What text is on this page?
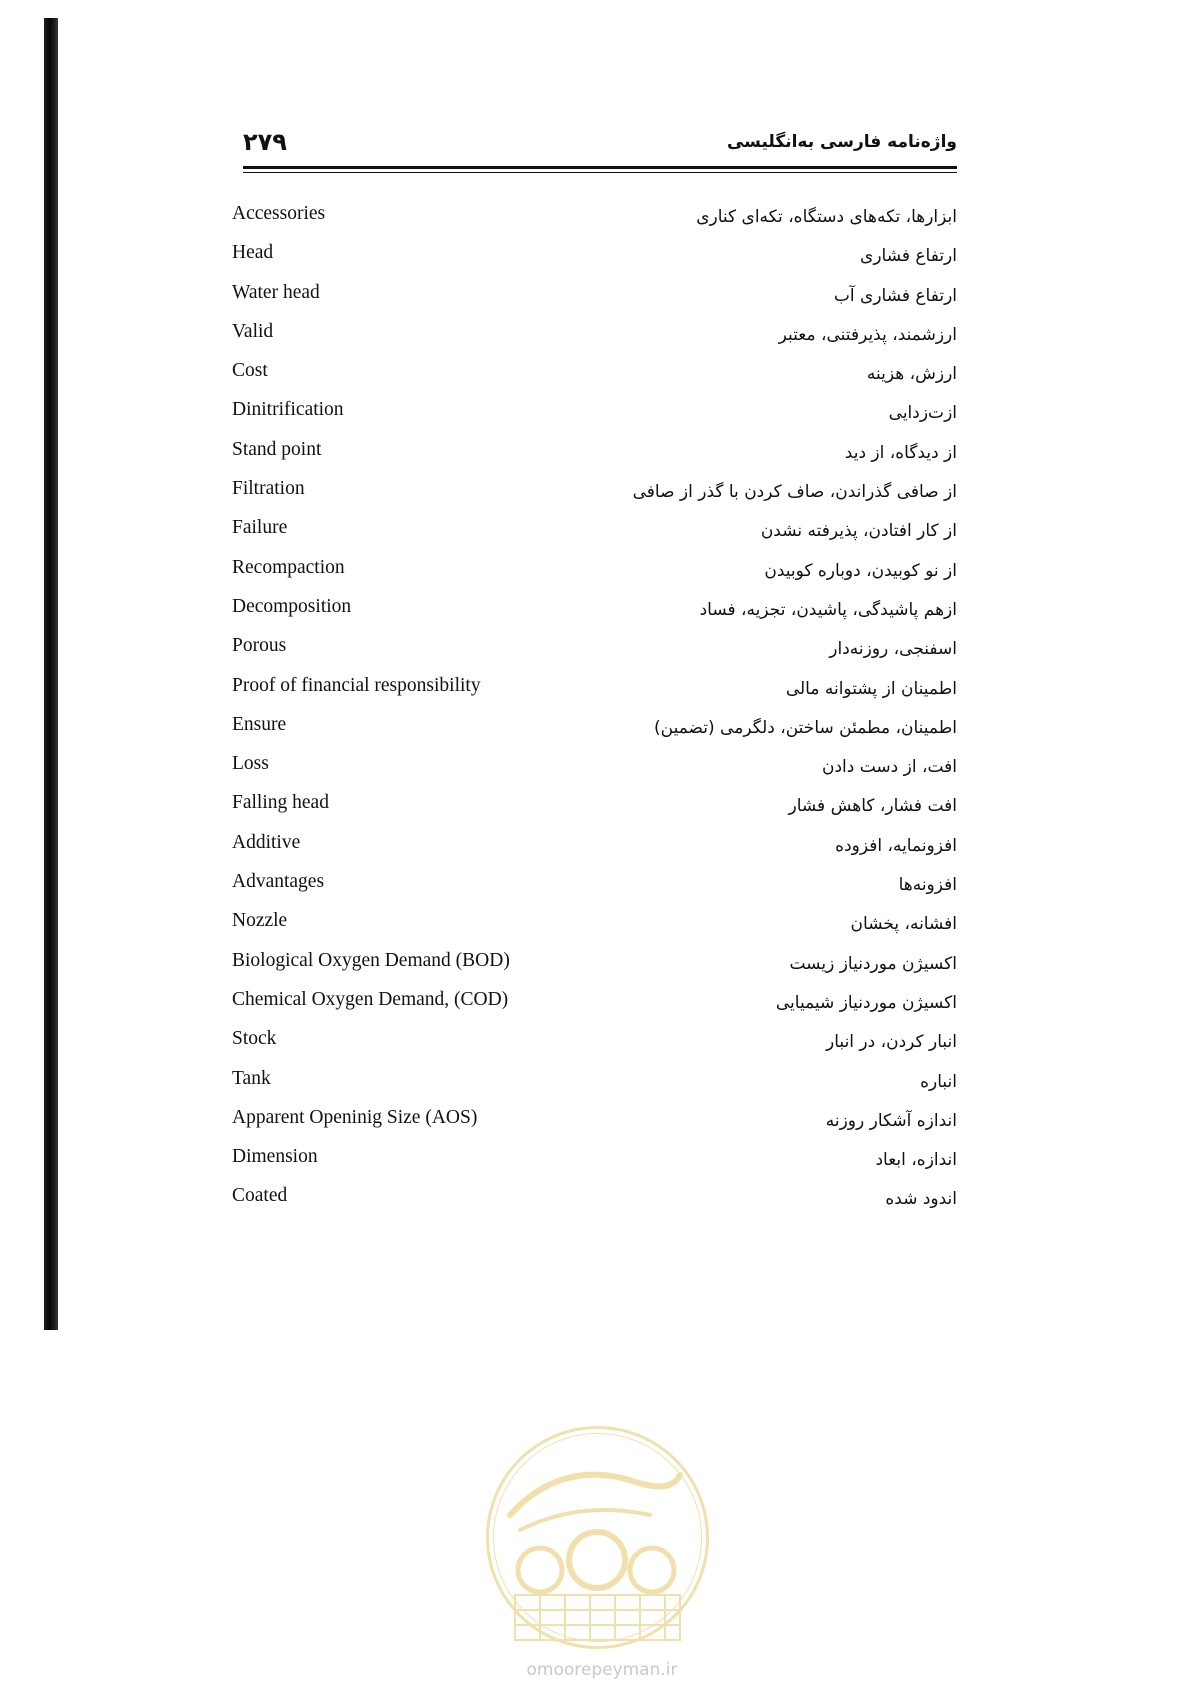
۲۷۹	واژه‌نامه فارسی به‌انگلیسی
Accessories	ابزارها، تکه‌های دستگاه، تکه‌ای کناری
Head	ارتفاع فشاری
Water head	ارتفاع فشاری آب
Valid	ارزشمند، پذیرفتنی، معتبر
Cost	ارزش، هزینه
Dinitrification	ازت‌زدایی
Stand point	از دیدگاه، از دید
Filtration	از صافی گذراندن، صاف کردن با گذر از صافی
Failure	از کار افتادن، پذیرفته نشدن
Recompaction	از نو کوبیدن، دوباره کوبیدن
Decomposition	ازهم پاشیدگی، پاشیدن، تجزیه، فساد
Porous	اسفنجی، روزنه‌دار
Proof of financial responsibility	اطمینان از پشتوانه مالی
Ensure	اطمینان، مطمئن ساختن، دلگرمی (تضمین)
Loss	افت، از دست دادن
Falling head	افت فشار، کاهش فشار
Additive	افزونمایه، افزوده
Advantages	افزونه‌ها
Nozzle	افشانه، پخشان
Biological Oxygen Demand (BOD)	اکسیژن موردنیاز زیست
Chemical Oxygen Demand, (COD)	اکسیژن موردنیاز شیمیایی
Stock	انبار کردن، در انبار
Tank	انباره
Apparent Openinig Size (AOS)	اندازه آشکار روزنه
Dimension	اندازه، ابعاد
Coated	اندود شده
omoorepeyman.ir
